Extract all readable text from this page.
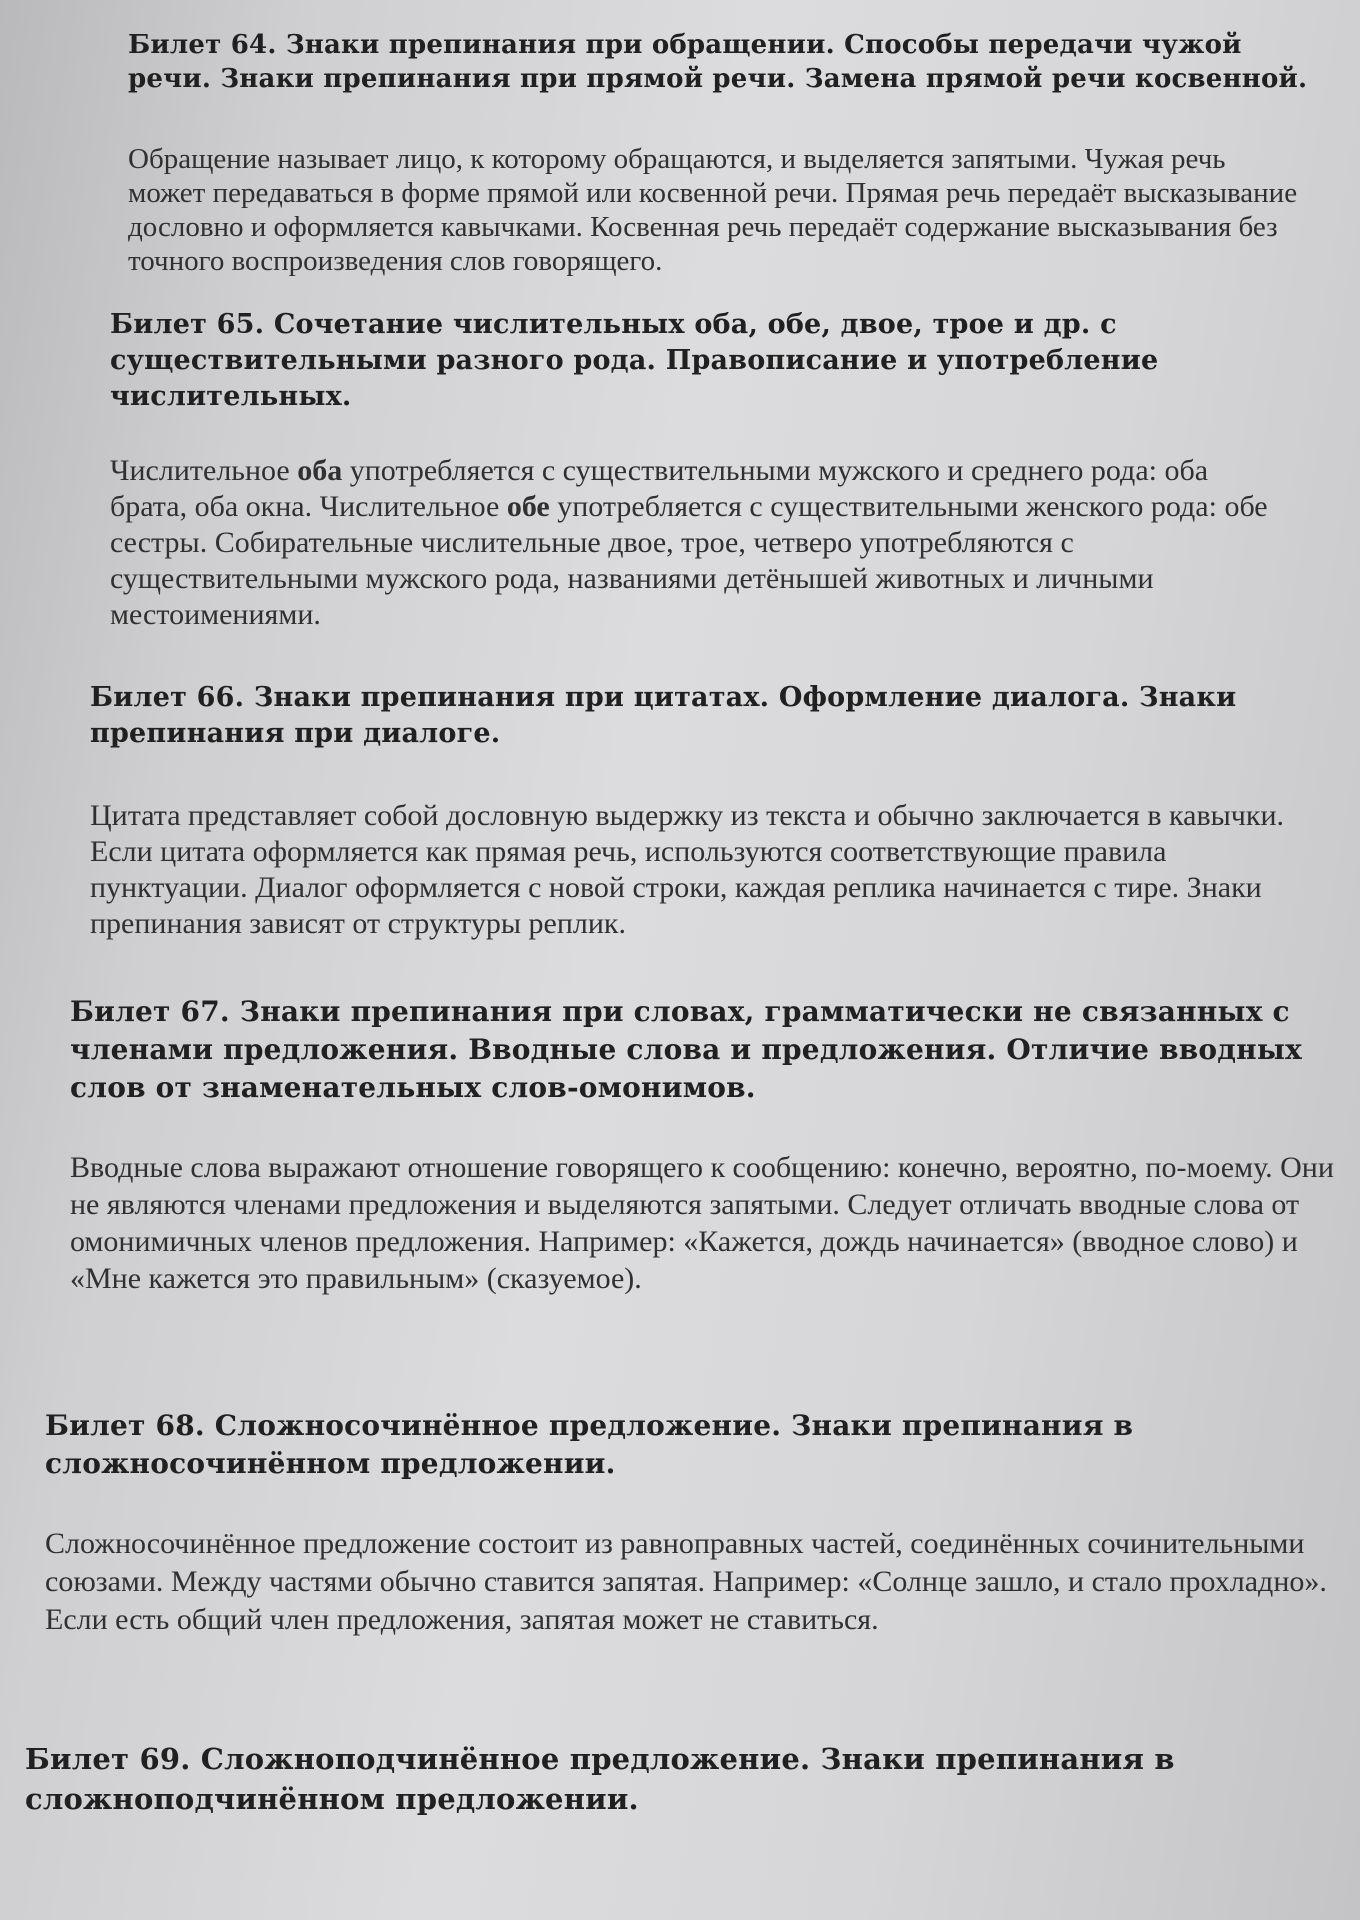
Билет 64. Знаки препинания при обращении. Способы передачи чужой речи. Знаки препинания при прямой речи. Замена прямой речи косвенной.

Обращение называет лицо, к которому обращаются, и выделяется запятыми. Чужая речь может передаваться в форме прямой или косвенной речи. Прямая речь передаёт высказывание дословно и оформляется кавычками. Косвенная речь передаёт содержание высказывания без точного воспроизведения слов говорящего.

Билет 65. Сочетание числительных оба, обе, двое, трое и др. с существительными разного рода. Правописание и употребление числительных.

Числительное оба употребляется с существительными мужского и среднего рода: оба брата, оба окна. Числительное обе употребляется с существительными женского рода: обе сестры. Собирательные числительные двое, трое, четверо употребляются с существительными мужского рода, названиями детёнышей животных и личными местоимениями.

Билет 66. Знаки препинания при цитатах. Оформление диалога. Знаки препинания при диалоге.

Цитата представляет собой дословную выдержку из текста и обычно заключается в кавычки. Если цитата оформляется как прямая речь, используются соответствующие правила пунктуации. Диалог оформляется с новой строки, каждая реплика начинается с тире. Знаки препинания зависят от структуры реплик.

Билет 67. Знаки препинания при словах, грамматически не связанных с членами предложения. Вводные слова и предложения. Отличие вводных слов от знаменательных слов-омонимов.

Вводные слова выражают отношение говорящего к сообщению: конечно, вероятно, по-моему. Они не являются членами предложения и выделяются запятыми. Следует отличать вводные слова от омонимичных членов предложения. Например: «Кажется, дождь начинается» (вводное слово) и «Мне кажется это правильным» (сказуемое).

Билет 68. Сложносочинённое предложение. Знаки препинания в сложносочинённом предложении.

Сложносочинённое предложение состоит из равноправных частей, соединённых сочинительными союзами. Между частями обычно ставится запятая. Например: «Солнце зашло, и стало прохладно». Если есть общий член предложения, запятая может не ставиться.

Билет 69. Сложноподчинённое предложение. Знаки препинания в сложноподчинённом предложении.
